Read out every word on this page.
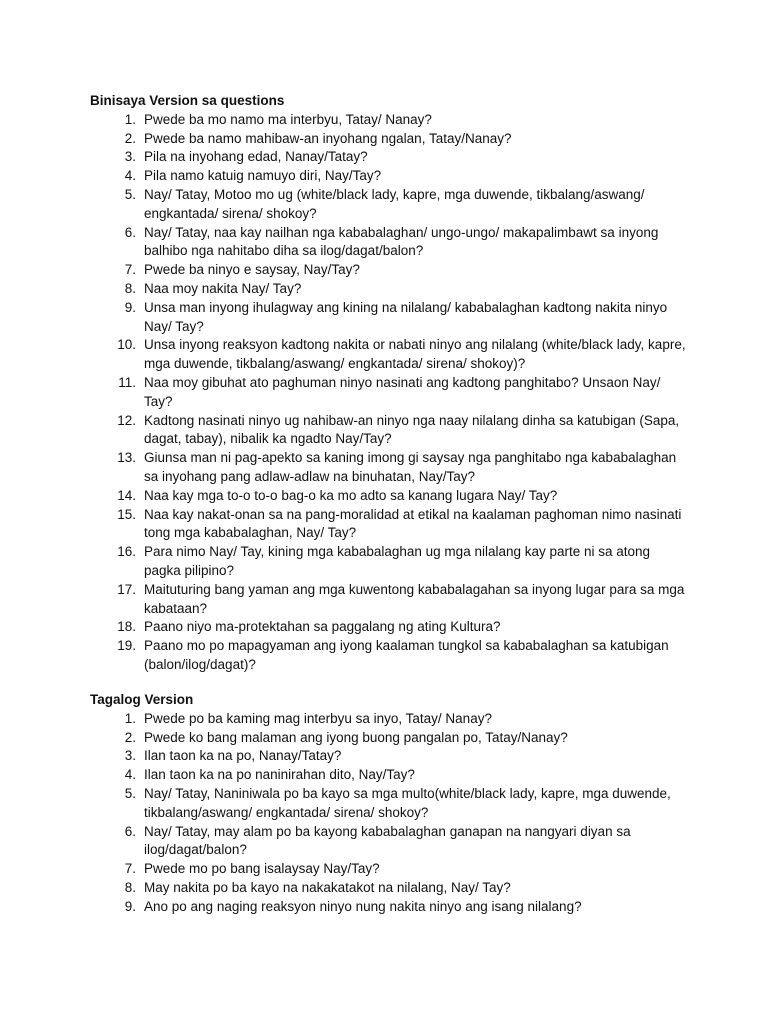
Binisaya Version sa questions
1. Pwede ba mo namo ma interbyu, Tatay/ Nanay?
2. Pwede ba namo mahibaw-an inyohang ngalan, Tatay/Nanay?
3. Pila na inyohang edad, Nanay/Tatay?
4. Pila namo katuig namuyo diri, Nay/Tay?
5. Nay/ Tatay, Motoo mo ug (white/black lady, kapre, mga duwende, tikbalang/aswang/ engkantada/ sirena/ shokoy?
6. Nay/ Tatay, naa kay nailhan nga kababalaghan/ ungo-ungo/ makapalimbawt sa inyong balhibo nga nahitabo diha sa ilog/dagat/balon?
7. Pwede ba ninyo e saysay, Nay/Tay?
8. Naa moy nakita Nay/ Tay?
9. Unsa man inyong ihulagway ang kining na nilalang/ kababalaghan kadtong nakita ninyo Nay/ Tay?
10. Unsa inyong reaksyon kadtong nakita or nabati ninyo ang nilalang (white/black lady, kapre, mga duwende, tikbalang/aswang/ engkantada/ sirena/ shokoy)?
11. Naa moy gibuhat ato paghuman ninyo nasinati ang kadtong panghitabo? Unsaon Nay/ Tay?
12. Kadtong nasinati ninyo ug nahibaw-an ninyo nga naay nilalang dinha sa katubigan (Sapa, dagat, tabay), nibalik ka ngadto Nay/Tay?
13. Giunsa man ni pag-apekto sa kaning imong gi saysay nga panghitabo nga kababalaghan sa inyohang pang adlaw-adlaw na binuhatan, Nay/Tay?
14. Naa kay mga to-o to-o bag-o ka mo adto sa kanang lugara Nay/ Tay?
15. Naa kay nakat-onan sa na pang-moralidad at etikal na kaalaman paghoman nimo nasinati tong mga kababalaghan, Nay/ Tay?
16. Para nimo Nay/ Tay, kining mga kababalaghan ug mga nilalang kay parte ni sa atong pagka pilipino?
17. Maituturing bang yaman ang mga kuwentong kababalagahan sa inyong lugar para sa mga kabataan?
18. Paano niyo ma-protektahan sa paggalang ng ating Kultura?
19. Paano mo po mapagyaman ang iyong kaalaman tungkol sa kababalaghan sa katubigan (balon/ilog/dagat)?
Tagalog Version
1. Pwede po ba kaming mag interbyu sa inyo, Tatay/ Nanay?
2. Pwede ko bang malaman ang iyong buong pangalan po, Tatay/Nanay?
3. Ilan taon ka na po, Nanay/Tatay?
4. Ilan taon ka na po naninirahan dito, Nay/Tay?
5. Nay/ Tatay, Naniniwala po ba kayo sa mga multo(white/black lady, kapre, mga duwende, tikbalang/aswang/ engkantada/ sirena/ shokoy?
6. Nay/ Tatay, may alam po ba kayong kababalaghan ganapan na nangyari diyan sa ilog/dagat/balon?
7. Pwede mo po bang isalaysay Nay/Tay?
8. May nakita po ba kayo na nakakatakot na nilalang, Nay/ Tay?
9. Ano po ang naging reaksyon ninyo nung nakita ninyo ang isang nilalang?
